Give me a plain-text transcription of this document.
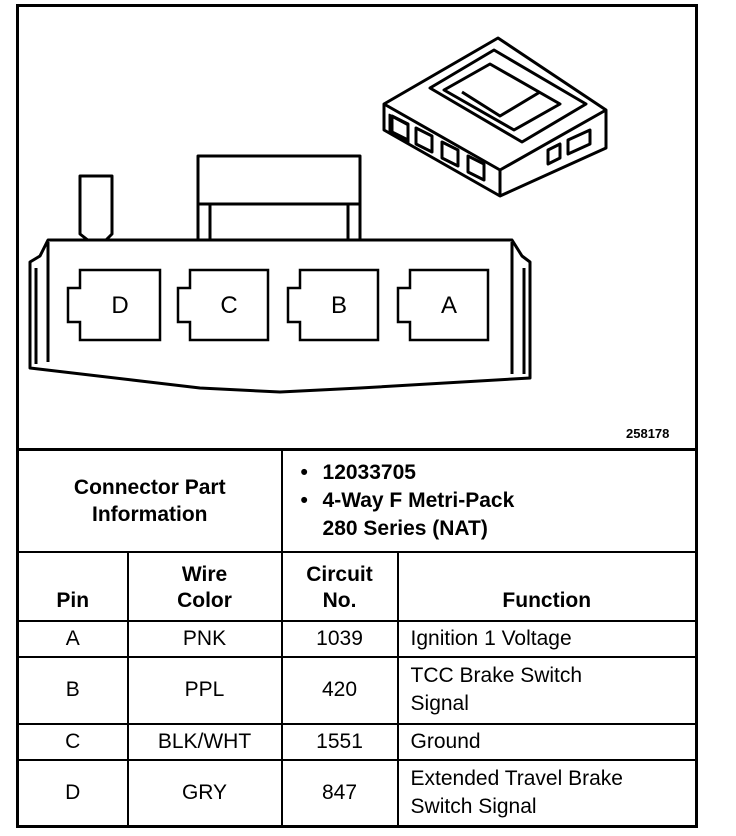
D	C	B	A
258178
Connector Part Information		• 12033705
• 4-Way F Metri-Pack
280 Series (NAT)

Pin	Wire Color	Circuit No.	Function
A	PNK	1039	Ignition 1 Voltage
B	PPL	420	TCC Brake Switch Signal
C	BLK/WHT	1551	Ground
D	GRY	847	Extended Travel Brake Switch Signal
